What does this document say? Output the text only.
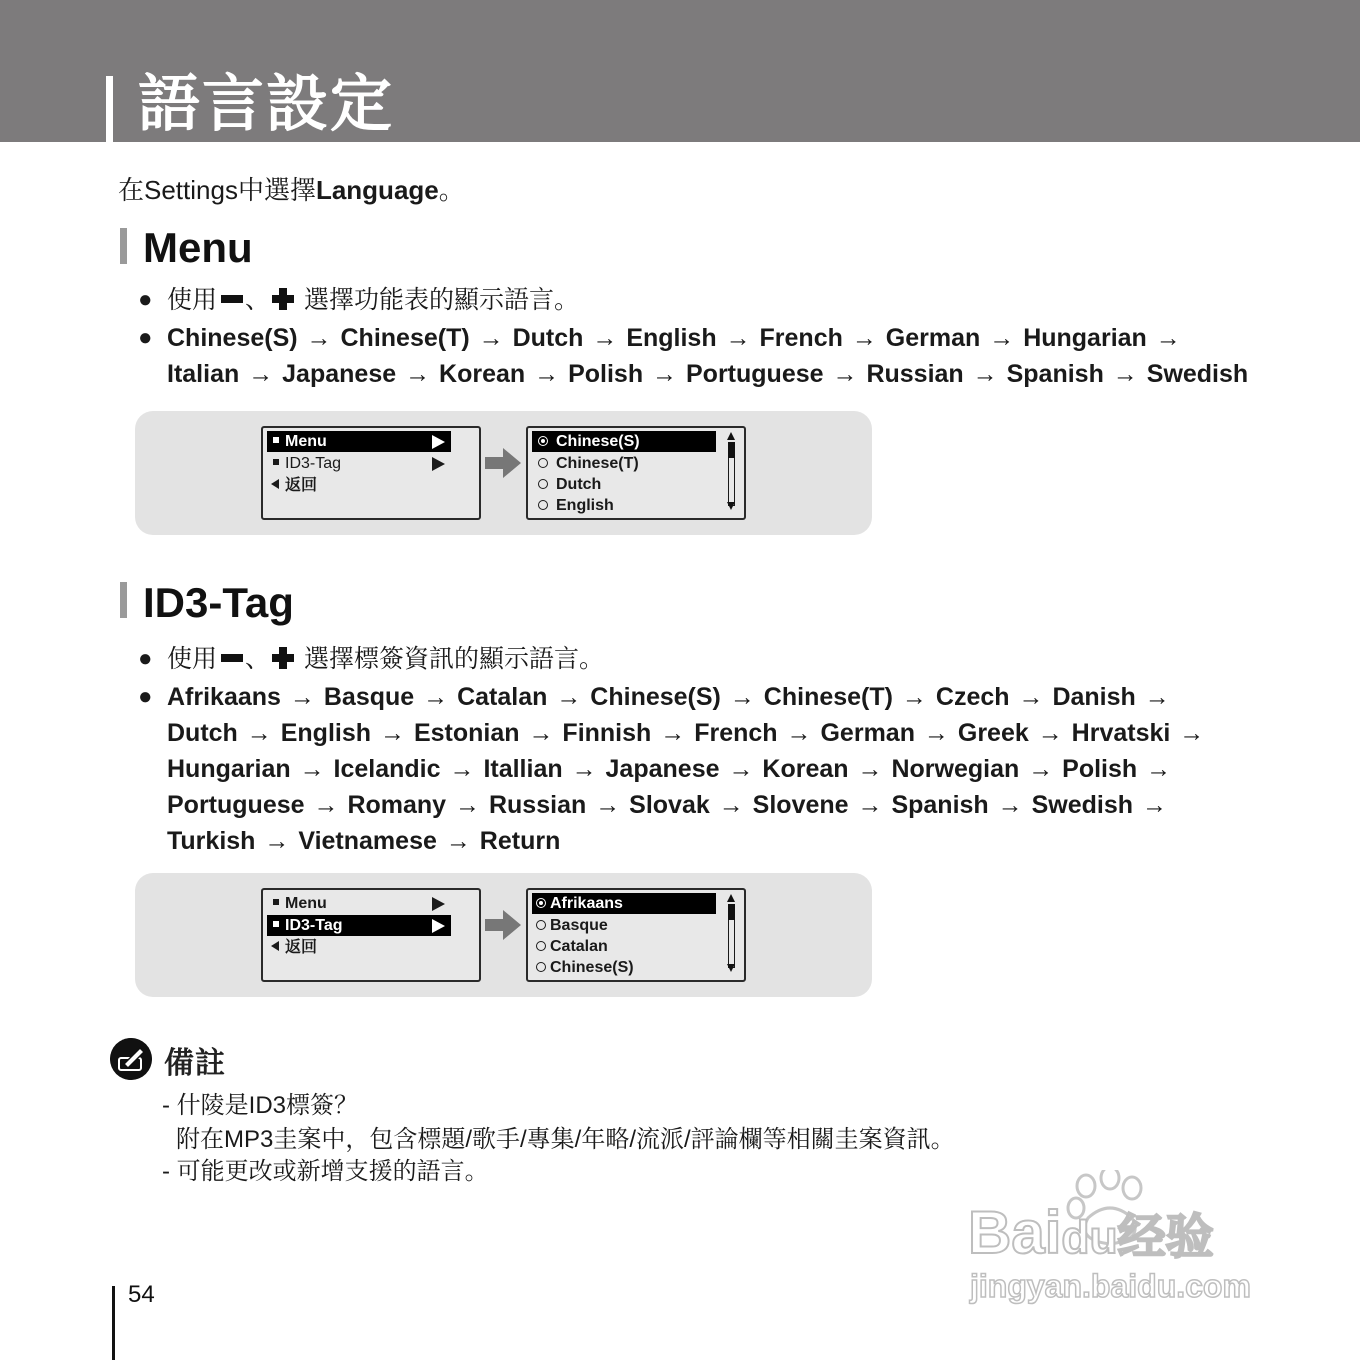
語言設定
在Settings中選擇Language。
Menu
● 使用 、 選擇功能表的顯示語言。
● Chinese(S) → Chinese(T) → Dutch → English → French → German → Hungarian →
Italian → Japanese → Korean → Polish → Portuguese → Russian → Spanish → Swedish
Menu
ID3-Tag
返回
Chinese(S)
Chinese(T)
Dutch
English
ID3-Tag
● 使用 、 選擇標簽資訊的顯示語言。
● Afrikaans → Basque → Catalan → Chinese(S) → Chinese(T) → Czech → Danish →
Dutch → English → Estonian → Finnish → French → German → Greek → Hrvatski →
Hungarian → Icelandic → Itallian → Japanese → Korean → Norwegian → Polish →
Portuguese → Romany → Russian → Slovak → Slovene → Spanish → Swedish →
Turkish → Vietnamese → Return
Menu
ID3-Tag
返回
Afrikaans
Basque
Catalan
Chinese(S)
備註
- 什陵是ID3標簽？
附在MP3圭案中，包含標題/歌手/專集/年略/流派/評論欄等相關圭案資訊。
- 可能更改或新增支援的語言。
54
Baidu经验
jingyan.baidu.com
